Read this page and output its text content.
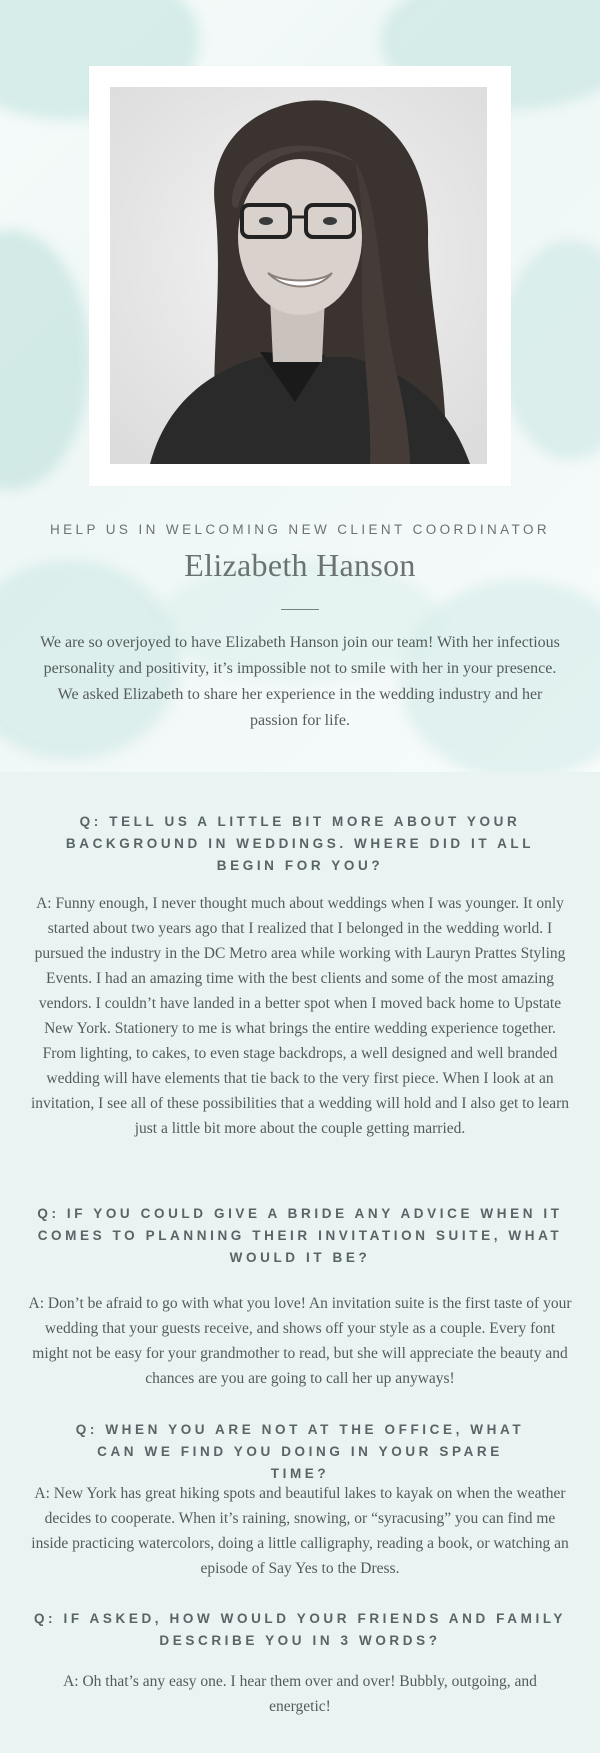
HELP US IN WELCOMING NEW CLIENT COORDINATOR
Elizabeth Hanson
We are so overjoyed to have Elizabeth Hanson join our team! With her infectious personality and positivity, it’s impossible not to smile with her in your presence. We asked Elizabeth to share her experience in the wedding industry and her passion for life.
Q: TELL US A LITTLE BIT MORE ABOUT YOUR BACKGROUND IN WEDDINGS. WHERE DID IT ALL BEGIN FOR YOU?
A: Funny enough, I never thought much about weddings when I was younger. It only started about two years ago that I realized that I belonged in the wedding world. I pursued the industry in the DC Metro area while working with Lauryn Prattes Styling Events. I had an amazing time with the best clients and some of the most amazing vendors. I couldn’t have landed in a better spot when I moved back home to Upstate New York. Stationery to me is what brings the entire wedding experience together. From lighting, to cakes, to even stage backdrops, a well designed and well branded wedding will have elements that tie back to the very first piece. When I look at an invitation, I see all of these possibilities that a wedding will hold and I also get to learn just a little bit more about the couple getting married.
Q: IF YOU COULD GIVE A BRIDE ANY ADVICE WHEN IT COMES TO PLANNING THEIR INVITATION SUITE, WHAT WOULD IT BE?
A: Don’t be afraid to go with what you love! An invitation suite is the first taste of your wedding that your guests receive, and shows off your style as a couple. Every font might not be easy for your grandmother to read, but she will appreciate the beauty and chances are you are going to call her up anyways!
Q: WHEN YOU ARE NOT AT THE OFFICE, WHAT CAN WE FIND YOU DOING IN YOUR SPARE TIME?
A: New York has great hiking spots and beautiful lakes to kayak on when the weather decides to cooperate. When it’s raining, snowing, or “syracusing” you can find me inside practicing watercolors, doing a little calligraphy, reading a book, or watching an episode of Say Yes to the Dress.
Q: IF ASKED, HOW WOULD YOUR FRIENDS AND FAMILY DESCRIBE YOU IN 3 WORDS?
A: Oh that’s any easy one. I hear them over and over! Bubbly, outgoing, and energetic!
